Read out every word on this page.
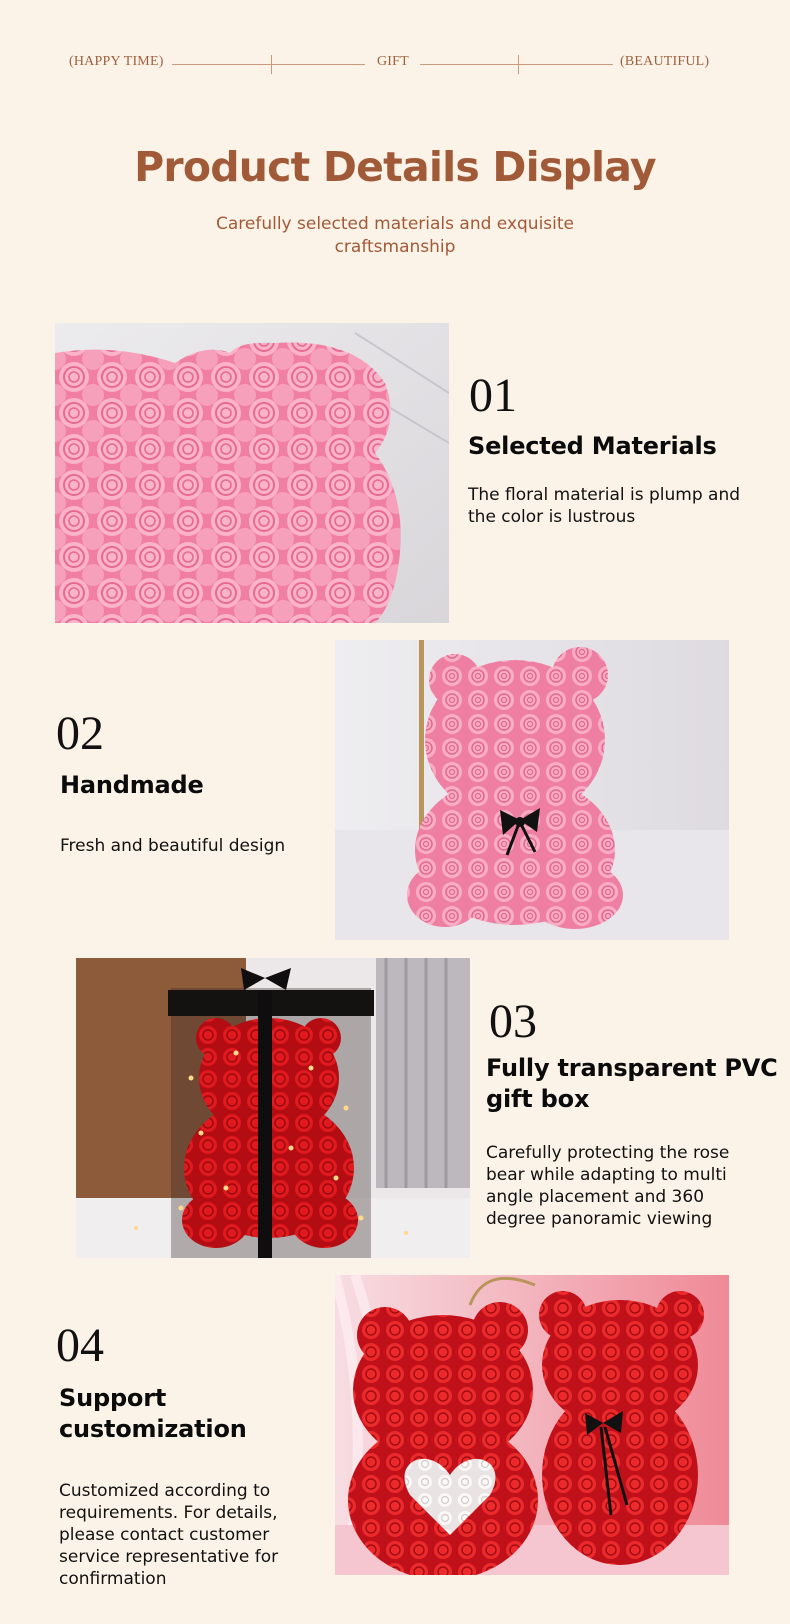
(HAPPY TIME)	GIFT	(BEAUTIFUL)
Product Details Display

Carefully selected materials and exquisite craftsmanship

01

Selected Materials

The floral material is plump and the color is lustrous

02

Handmade

Fresh and beautiful design

03

Fully transparent PVC gift box

Carefully protecting the rose bear while adapting to multi angle placement and 360 degree panoramic viewing

04

Support customization

Customized according to requirements. For details, please contact customer service representative for confirmation
